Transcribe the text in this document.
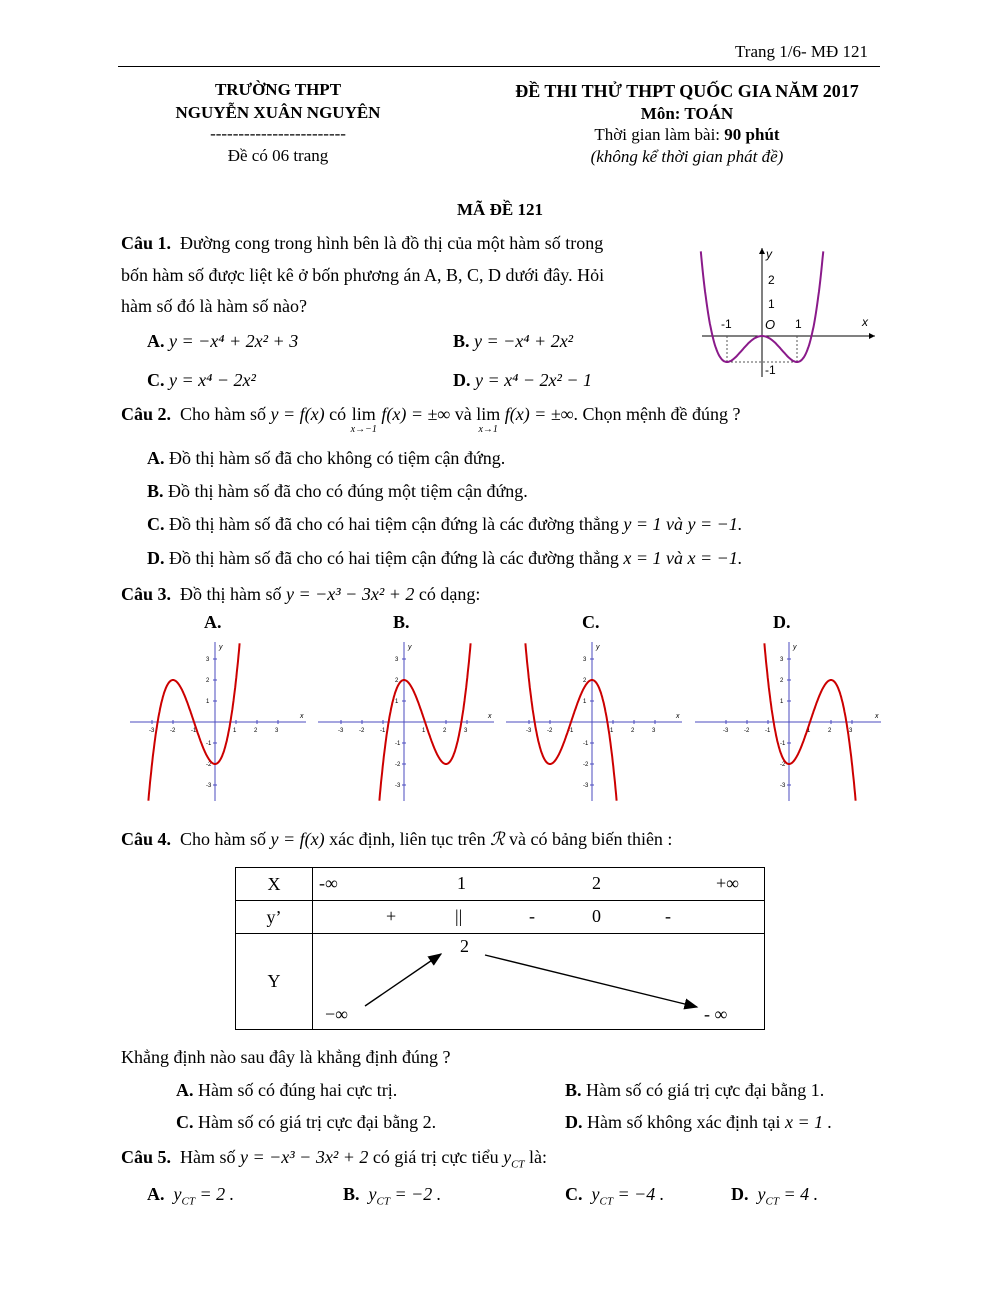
Trang 1/6- MĐ 121
TRƯỜNG THPT
NGUYỄN XUÂN NGUYÊN
------------------------
Đề có 06 trang
ĐỀ THI THỬ THPT QUỐC GIA NĂM 2017
Môn: TOÁN
Thời gian làm bài: 90 phút
(không kể thời gian phát đề)
MÃ ĐỀ 121
Câu 1. Đường cong trong hình bên là đồ thị của một hàm số trong
bốn hàm số được liệt kê ở bốn phương án A, B, C, D dưới đây. Hỏi
hàm số đó là hàm số nào?
A. y = −x⁴ + 2x² + 3	B. y = −x⁴ + 2x²
C. y = x⁴ − 2x²	D. y = x⁴ − 2x² − 1
y
2
1
-1	O 1	x
-1
Câu 2. Cho hàm số y = f(x) có lim
x→−1
f(x) = ±∞ và lim
x→1
f(x) = ±∞. Chọn mệnh đề đúng ?
A. Đồ thị hàm số đã cho không có tiệm cận đứng.
B. Đồ thị hàm số đã cho có đúng một tiệm cận đứng.
C. Đồ thị hàm số đã cho có hai tiệm cận đứng là các đường thẳng y = 1 và y = −1.
D. Đồ thị hàm số đã cho có hai tiệm cận đứng là các đường thẳng x = 1 và x = −1.
Câu 3. Đồ thị hàm số y = −x³ − 3x² + 2 có dạng:
A.	B.	C.	D.
-3	-2	-1	1	2	3
3
2
1
-1
-2
-3
x
y
-3	-2	-1	1	2	3
3
2
1
-1
-2
-3
x
y
-3	-2	-1	1	2	3
3
2
1
-1
-2
-3
x
y
-3	-2	-1	1	2	3
3
2
1
-1
-2
-3
x
y
Câu 4. Cho hàm số y = f(x) xác định, liên tục trên ℛ và có bảng biến thiên :
X	-∞ 1 2 +∞

y’	+ || - 0 -

Y	2
−∞ - ∞
Khẳng định nào sau đây là khẳng định đúng ?
A. Hàm số có đúng hai cực trị.	B. Hàm số có giá trị cực đại bằng 1.
C. Hàm số có giá trị cực đại bằng 2.	D. Hàm số không xác định tại x = 1 .
Câu 5. Hàm số y = −x³ − 3x² + 2 có giá trị cực tiểu $y_{CT}$ là:
A. $y_{CT} = 2$ .	B. $y_{CT} = -2$ .	C. $y_{CT} = -4$ .	D. $y_{CT} = 4$ .
